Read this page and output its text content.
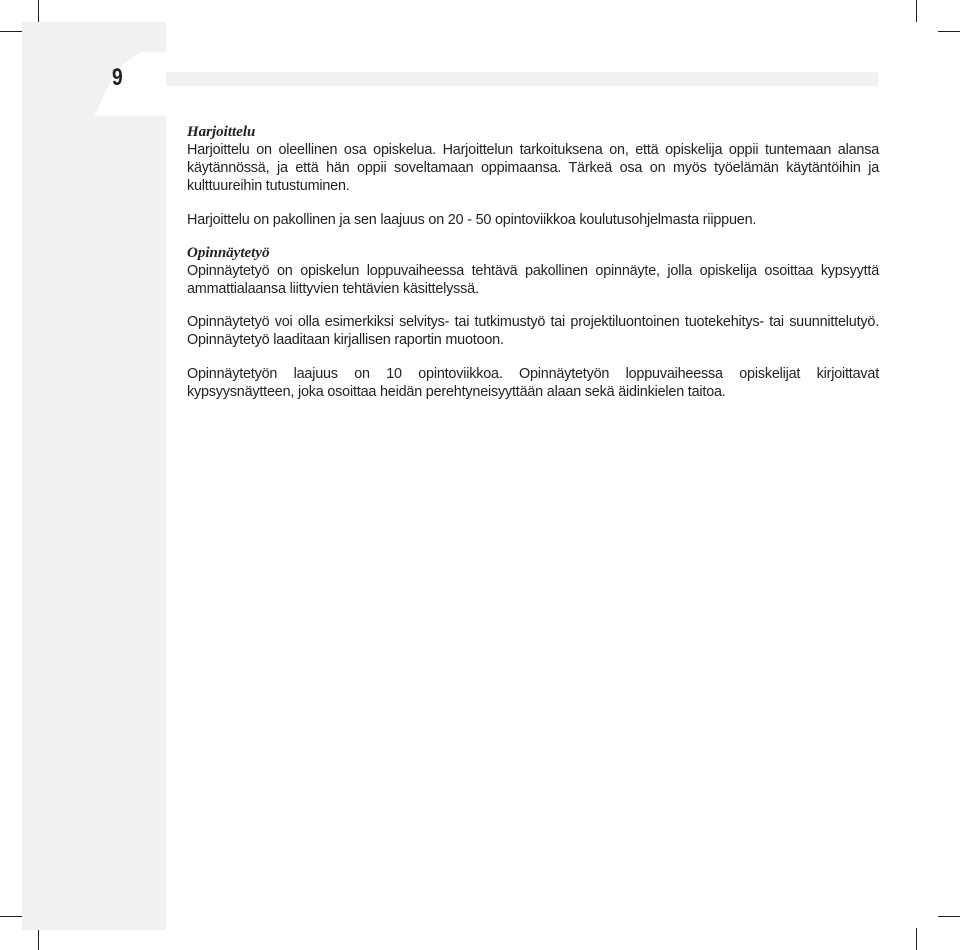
9
Harjoittelu

Harjoittelu on oleellinen osa opiskelua. Harjoittelun tarkoituksena on, että opiskelija oppii tuntemaan alansa käytännössä, ja että hän oppii soveltamaan oppimaansa. Tärkeä osa on myös työelämän käytäntöihin ja kulttuureihin tutustuminen.

Harjoittelu on pakollinen ja sen laajuus on 20 - 50 opintoviikkoa koulutusohjelmasta riippuen.

Opinnäytetyö

Opinnäytetyö on opiskelun loppuvaiheessa tehtävä pakollinen opinnäyte, jolla opiskelija osoittaa kypsyyttä ammattialaansa liittyvien tehtävien käsittelyssä.

Opinnäytetyö voi olla esimerkiksi selvitys- tai tutkimustyö tai projektiluontoinen tuotekehitys- tai suunnittelutyö. Opinnäytetyö laaditaan kirjallisen raportin muotoon.

Opinnäytetyön laajuus on 10 opintoviikkoa. Opinnäytetyön loppuvaiheessa opiskelijat kirjoittavat kypsyysnäytteen, joka osoittaa heidän perehtyneisyyttään alaan sekä äidinkielen taitoa.
